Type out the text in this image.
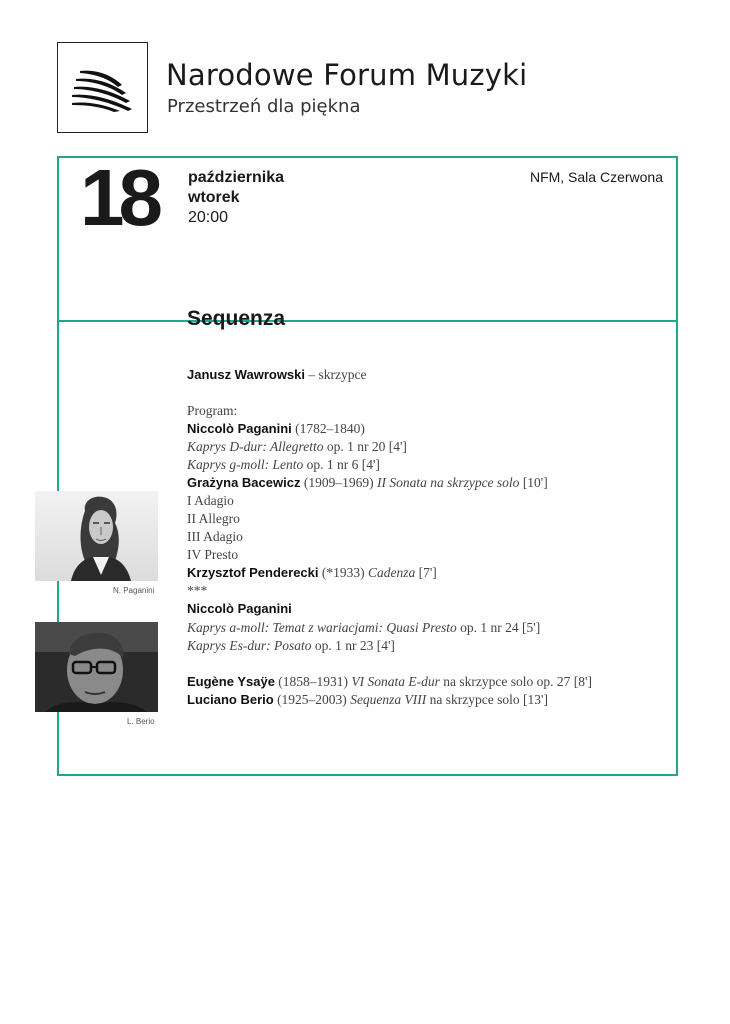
Narodowe Forum Muzyki
Przestrzeń dla piękna
18 października
wtorek
20:00
NFM, Sala Czerwona
Sequenza
Janusz Wawrowski – skrzypce
Program:
Niccolò Paganini (1782–1840)
Kaprys D-dur: Allegretto op. 1 nr 20 [4']
Kaprys g-moll: Lento op. 1 nr 6 [4']
Grażyna Bacewicz (1909–1969) II Sonata na skrzypce solo [10']
I Adagio
II Allegro
III Adagio
IV Presto
Krzysztof Penderecki (*1933) Cadenza [7']
***
Niccolò Paganini
Kaprys a-moll: Temat z wariacjami: Quasi Presto op. 1 nr 24 [5']
Kaprys Es-dur: Posato op. 1 nr 23 [4']
Eugène Ysaÿe (1858–1931) VI Sonata E-dur na skrzypce solo op. 27 [8']
Luciano Berio (1925–2003) Sequenza VIII na skrzypce solo [13']
N. Paganini
L. Berio
